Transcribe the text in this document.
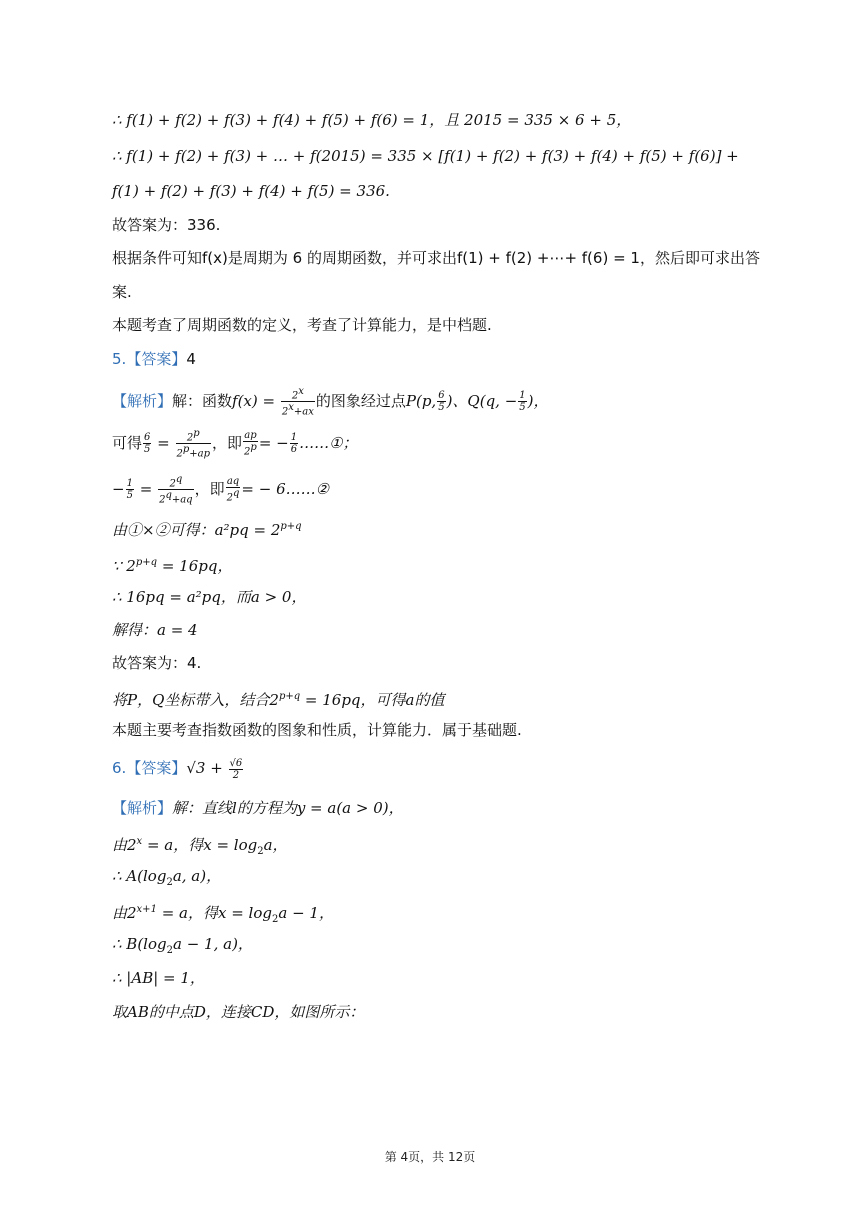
∴ f(1) + f(2) + f(3) + f(4) + f(5) + f(6) = 1，且 2015 = 335 × 6 + 5，
∴ f(1) + f(2) + f(3) + … + f(2015) = 335 × [f(1) + f(2) + f(3) + f(4) + f(5) + f(6)] +
f(1) + f(2) + f(3) + f(4) + f(5) = 336.
故答案为：336.
根据条件可知f(x)是周期为 6 的周期函数，并可求出f(1) + f(2) +⋯+ f(6) = 1，然后即可求出答
案.
本题考查了周期函数的定义，考查了计算能力，是中档题.
5.【答案】4
【解析】解：函数$f(x) = \frac{2^x}{2^x+ax}$ 的图象经过点P(p, $\frac{6}{5}$ )、Q(q, − $\frac{1}{5}$ )，
可得 $\frac{6}{5} = \frac{2^p}{2^p+ap}$ ，即 $\frac{ap}{2^p}$ = − $\frac{1}{6}$ ……①；
− $\frac{1}{5} = \frac{2^q}{2^q+aq}$ ，即 $\frac{aq}{2^q}$ = − 6……②
由①×②可得：$a^2pq = 2^{p+q}$
∵ $2^{p+q} = 16pq$，
∴ 16pq = a²pq，而a > 0，
解得：a = 4
故答案为：4.
将P，Q坐标带入，结合$2^{p+q} = 16pq$，可得a的值
本题主要考查指数函数的图象和性质，计算能力．属于基础题.
6.【答案】$√3 + \frac{√6}{2}$
【解析】解：直线l的方程为y = a(a > 0)，
由$2^x = a$，得$x = \log_2a$，
∴ $A(\log_2a$, a)，
由$2^{x+1} = a$，得$x = \log_2a - 1$，
∴ $B(\log_2a - 1$, a)，
∴ |AB| = 1，
取AB的中点D，连接CD，如图所示：
第 4页，共 12页
